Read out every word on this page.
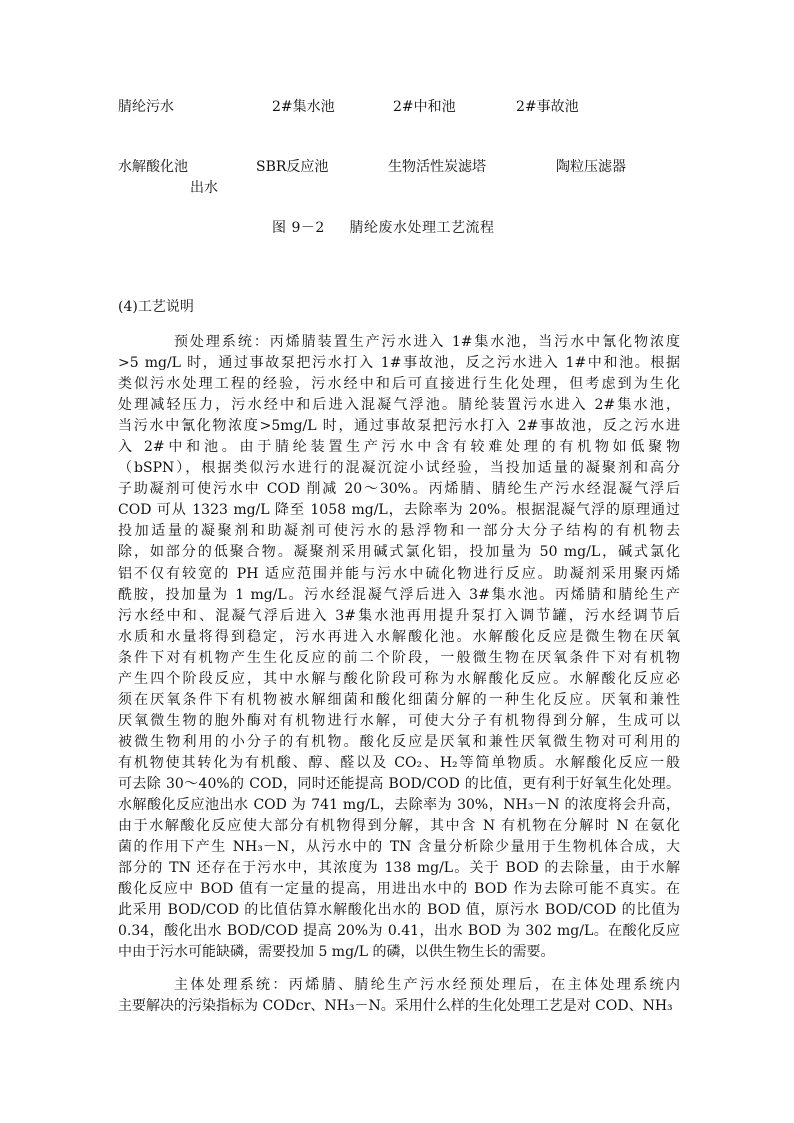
腈纶污水	2#集水池	2#中和池	2#事故池
水解酸化池	SBR反应池	生物活性炭滤塔	陶粒压滤器
出水
图 9－2     腈纶废水处理工艺流程
(4)工艺说明
预处理系统：丙烯腈装置生产污水进入 1#集水池，当污水中氰化物浓度
>5 mg/L 时，通过事故泵把污水打入 1#事故池，反之污水进入 1#中和池。根据
类似污水处理工程的经验，污水经中和后可直接进行生化处理，但考虑到为生化
处理减轻压力，污水经中和后进入混凝气浮池。腈纶装置污水进入 2#集水池，
当污水中氰化物浓度>5mg/L 时，通过事故泵把污水打入 2#事故池，反之污水进
入 2#中和池。由于腈纶装置生产污水中含有较难处理的有机物如低聚物
（bSPN），根据类似污水进行的混凝沉淀小试经验，当投加适量的凝聚剂和高分
子助凝剂可使污水中 COD 削减 20～30%。丙烯腈、腈纶生产污水经混凝气浮后
COD 可从 1323 mg/L 降至 1058 mg/L，去除率为 20%。根据混凝气浮的原理通过
投加适量的凝聚剂和助凝剂可使污水的悬浮物和一部分大分子结构的有机物去
除，如部分的低聚合物。凝聚剂采用碱式氯化铝，投加量为 50 mg/L，碱式氯化
铝不仅有较宽的 PH 适应范围并能与污水中硫化物进行反应。助凝剂采用聚丙烯
酰胺，投加量为 1 mg/L。污水经混凝气浮后进入 3#集水池。丙烯腈和腈纶生产
污水经中和、混凝气浮后进入 3#集水池再用提升泵打入调节罐，污水经调节后
水质和水量将得到稳定，污水再进入水解酸化池。水解酸化反应是微生物在厌氧
条件下对有机物产生生化反应的前二个阶段，一般微生物在厌氧条件下对有机物
产生四个阶段反应，其中水解与酸化阶段可称为水解酸化反应。水解酸化反应必
须在厌氧条件下有机物被水解细菌和酸化细菌分解的一种生化反应。厌氧和兼性
厌氧微生物的胞外酶对有机物进行水解，可使大分子有机物得到分解，生成可以
被微生物利用的小分子的有机物。酸化反应是厌氧和兼性厌氧微生物对可利用的
有机物使其转化为有机酸、醇、醛以及 CO₂、H₂等简单物质。水解酸化反应一般
可去除 30～40%的 COD，同时还能提高 BOD/COD 的比值，更有利于好氧生化处理。
水解酸化反应池出水 COD 为 741 mg/L，去除率为 30%，NH₃－N 的浓度将会升高，
由于水解酸化反应使大部分有机物得到分解，其中含 N 有机物在分解时 N 在氨化
菌的作用下产生 NH₃－N，从污水中的 TN 含量分析除少量用于生物机体合成，大
部分的 TN 还存在于污水中，其浓度为 138 mg/L。关于 BOD 的去除量，由于水解
酸化反应中 BOD 值有一定量的提高，用进出水中的 BOD 作为去除可能不真实。在
此采用 BOD/COD 的比值估算水解酸化出水的 BOD 值，原污水 BOD/COD 的比值为
0.34，酸化出水 BOD/COD 提高 20%为 0.41，出水 BOD 为 302 mg/L。在酸化反应
中由于污水可能缺磷，需要投加 5 mg/L 的磷，以供生物生长的需要。
主体处理系统：丙烯腈、腈纶生产污水经预处理后，在主体处理系统内
主要解决的污染指标为 CODcr、NH₃－N。采用什么样的生化处理工艺是对 COD、NH₃
